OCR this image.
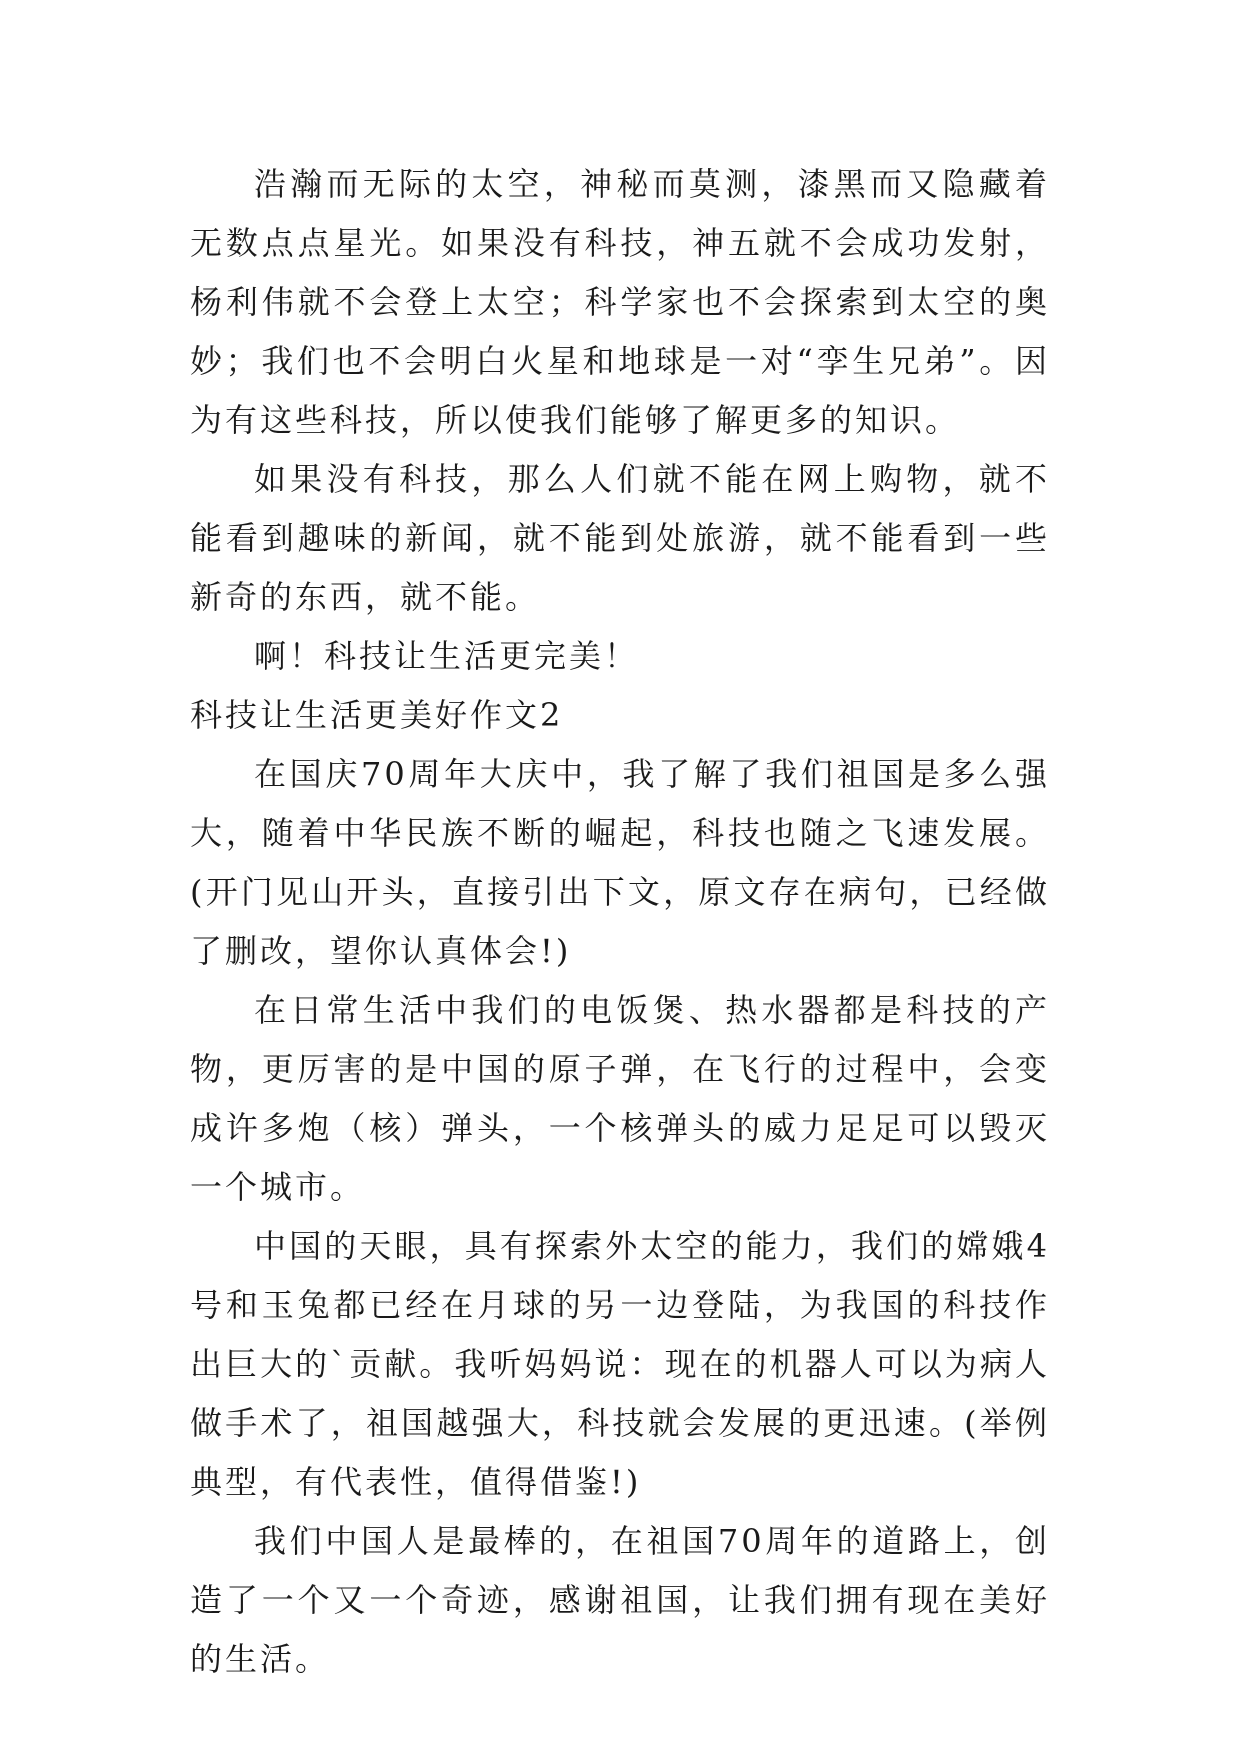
浩瀚而无际的太空，神秘而莫测，漆黑而又隐藏着无数点点星光。如果没有科技，神五就不会成功发射，杨利伟就不会登上太空；科学家也不会探索到太空的奥妙；我们也不会明白火星和地球是一对“孪生兄弟”。因为有这些科技，所以使我们能够了解更多的知识。

如果没有科技，那么人们就不能在网上购物，就不能看到趣味的新闻，就不能到处旅游，就不能看到一些新奇的东西，就不能。

啊！科技让生活更完美！

科技让生活更美好作文2

在国庆70周年大庆中，我了解了我们祖国是多么强大，随着中华民族不断的崛起，科技也随之飞速发展。(开门见山开头，直接引出下文，原文存在病句，已经做了删改，望你认真体会!)

在日常生活中我们的电饭煲、热水器都是科技的产物，更厉害的是中国的原子弹，在飞行的过程中，会变成许多炮（核）弹头，一个核弹头的威力足足可以毁灭一个城市。

中国的天眼，具有探索外太空的能力，我们的嫦娥4号和玉兔都已经在月球的另一边登陆，为我国的科技作出巨大的`贡献。我听妈妈说：现在的机器人可以为病人做手术了，祖国越强大，科技就会发展的更迅速。(举例典型，有代表性，值得借鉴!)

我们中国人是最棒的，在祖国70周年的道路上，创造了一个又一个奇迹，感谢祖国，让我们拥有现在美好的生活。
